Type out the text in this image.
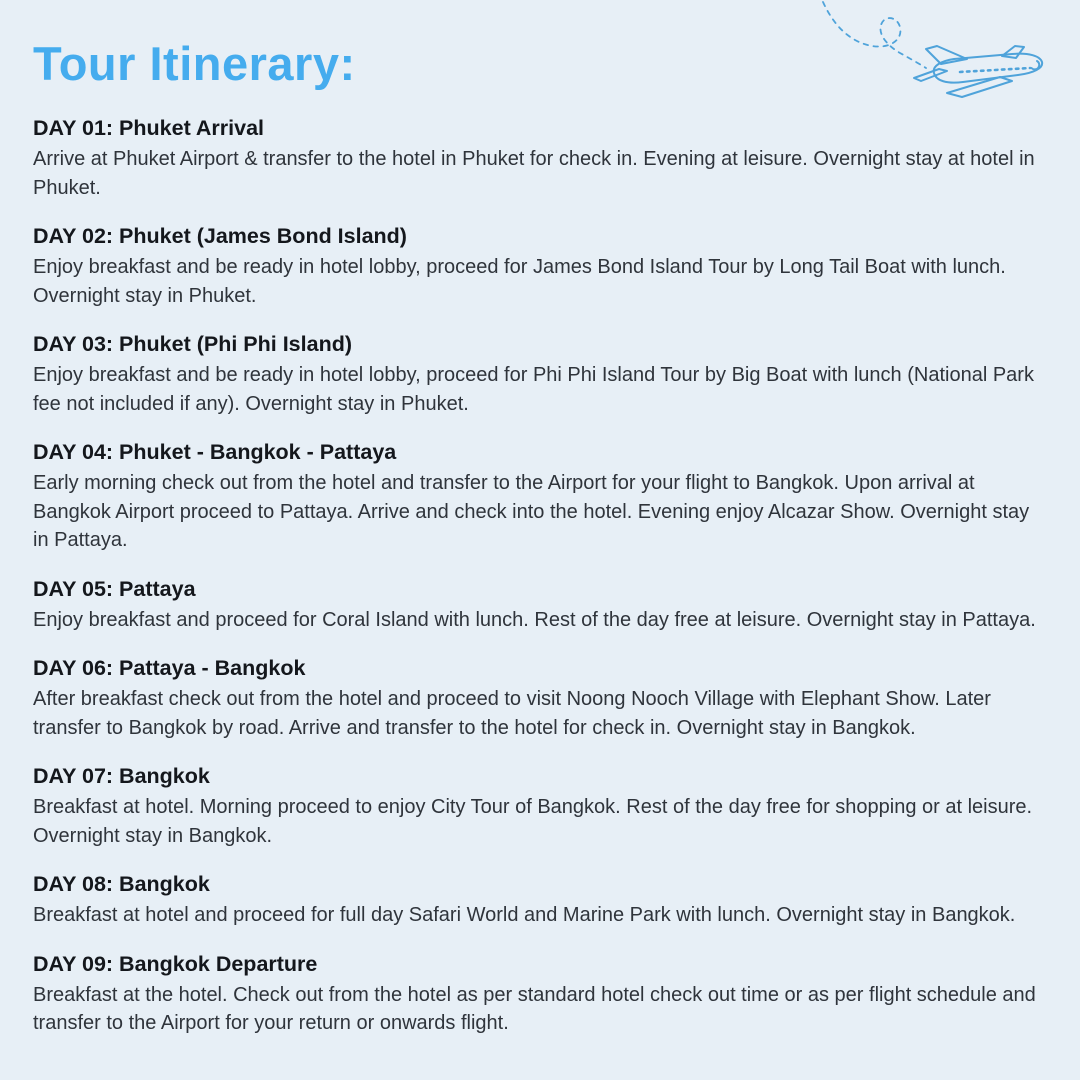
Tour Itinerary:
DAY 01: Phuket Arrival

Arrive at Phuket Airport & transfer to the hotel in Phuket for check in. Evening at leisure. Overnight stay at hotel in Phuket.

DAY 02: Phuket (James Bond Island)

Enjoy breakfast and be ready in hotel lobby, proceed for James Bond Island Tour by Long Tail Boat with lunch. Overnight stay in Phuket.

DAY 03: Phuket (Phi Phi Island)

Enjoy breakfast and be ready in hotel lobby, proceed for Phi Phi Island Tour by Big Boat with lunch (National Park fee not included if any). Overnight stay in Phuket.

DAY 04: Phuket - Bangkok - Pattaya

Early morning check out from the hotel and transfer to the Airport for your flight to Bangkok. Upon arrival at Bangkok Airport proceed to Pattaya. Arrive and check into the hotel. Evening enjoy Alcazar Show. Overnight stay in Pattaya.

DAY 05: Pattaya

Enjoy breakfast and proceed for Coral Island with lunch. Rest of the day free at leisure. Overnight stay in Pattaya.

DAY 06: Pattaya - Bangkok

After breakfast check out from the hotel and proceed to visit Noong Nooch Village with Elephant Show. Later transfer to Bangkok by road. Arrive and transfer to the hotel for check in. Overnight stay in Bangkok.

DAY 07: Bangkok

Breakfast at hotel. Morning proceed to enjoy City Tour of Bangkok. Rest of the day free for shopping or at leisure. Overnight stay in Bangkok.

DAY 08: Bangkok

Breakfast at hotel and proceed for full day Safari World and Marine Park with lunch. Overnight stay in Bangkok.

DAY 09: Bangkok Departure

Breakfast at the hotel. Check out from the hotel as per standard hotel check out time or as per flight schedule and transfer to the Airport for your return or onwards flight.
